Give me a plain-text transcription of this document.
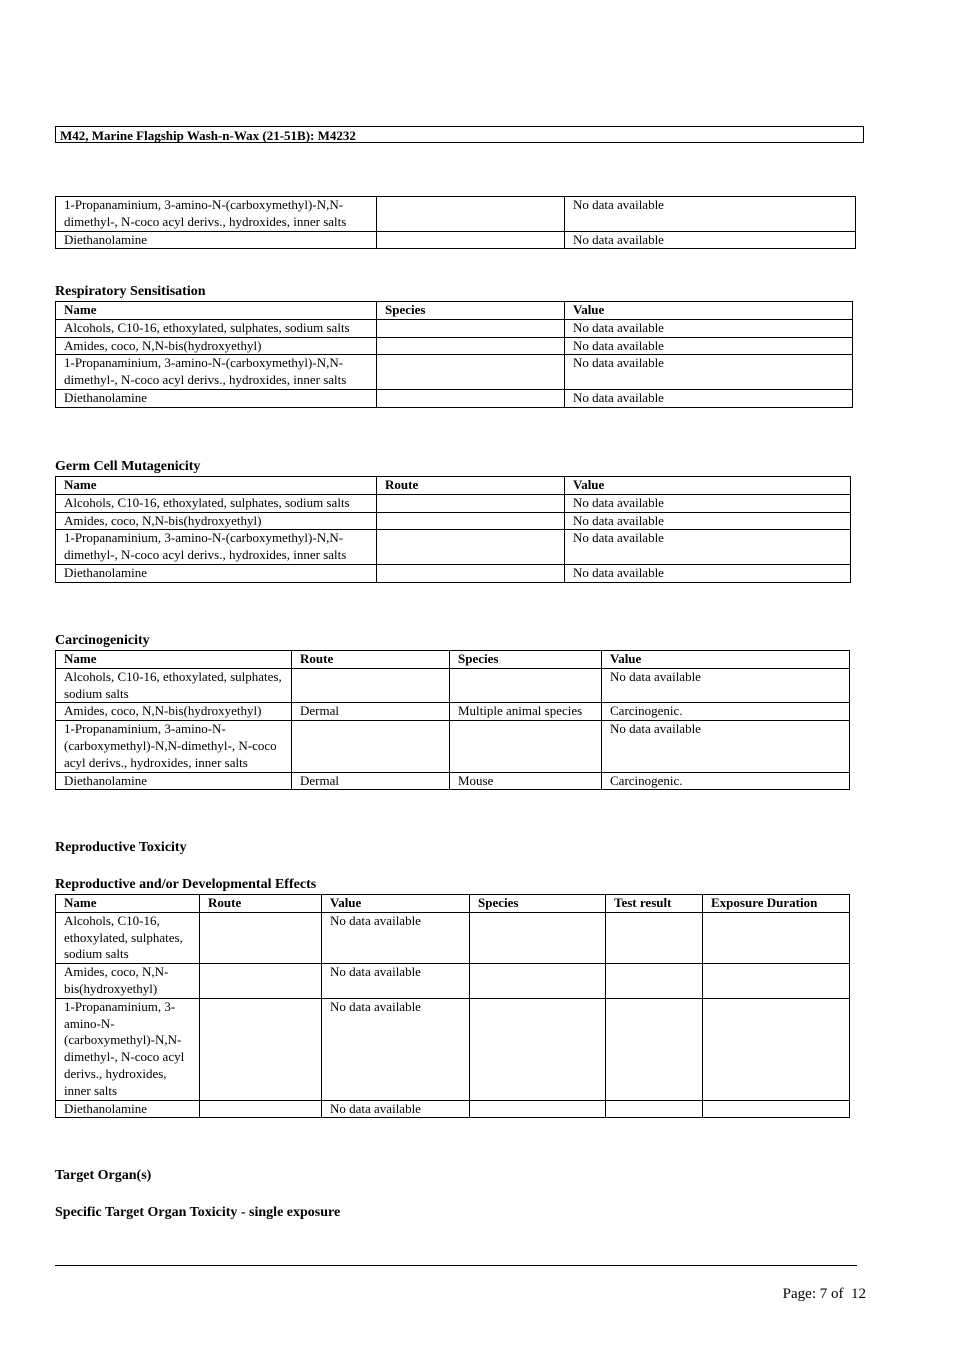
M42, Marine Flagship Wash-n-Wax (21-51B): M4232
1-Propanaminium, 3-amino-N-(carboxymethyl)-N,N-dimethyl-, N-coco acyl derivs., hydroxides, inner salts		No data available
Diethanolamine		No data available
Respiratory Sensitisation
Name	Species	Value
Alcohols, C10-16, ethoxylated, sulphates, sodium salts		No data available
Amides, coco, N,N-bis(hydroxyethyl)		No data available
1-Propanaminium, 3-amino-N-(carboxymethyl)-N,N-dimethyl-, N-coco acyl derivs., hydroxides, inner salts		No data available
Diethanolamine		No data available
Germ Cell Mutagenicity
Name	Route	Value
Alcohols, C10-16, ethoxylated, sulphates, sodium salts		No data available
Amides, coco, N,N-bis(hydroxyethyl)		No data available
1-Propanaminium, 3-amino-N-(carboxymethyl)-N,N-dimethyl-, N-coco acyl derivs., hydroxides, inner salts		No data available
Diethanolamine		No data available
Carcinogenicity
Name	Route	Species	Value
Alcohols, C10-16, ethoxylated, sulphates, sodium salts			No data available
Amides, coco, N,N-bis(hydroxyethyl)	Dermal	Multiple animal species	Carcinogenic.
1-Propanaminium, 3-amino-N-(carboxymethyl)-N,N-dimethyl-, N-coco acyl derivs., hydroxides, inner salts			No data available
Diethanolamine	Dermal	Mouse	Carcinogenic.
Reproductive Toxicity
Reproductive and/or Developmental Effects
Name	Route	Value	Species	Test result	Exposure Duration
Alcohols, C10-16, ethoxylated, sulphates, sodium salts		No data available			
Amides, coco, N,N-bis(hydroxyethyl)		No data available			
1-Propanaminium, 3-amino-N-(carboxymethyl)-N,N-dimethyl-, N-coco acyl derivs., hydroxides, inner salts		No data available			
Diethanolamine		No data available			
Target Organ(s)
Specific Target Organ Toxicity - single exposure
Page: 7 of  12
